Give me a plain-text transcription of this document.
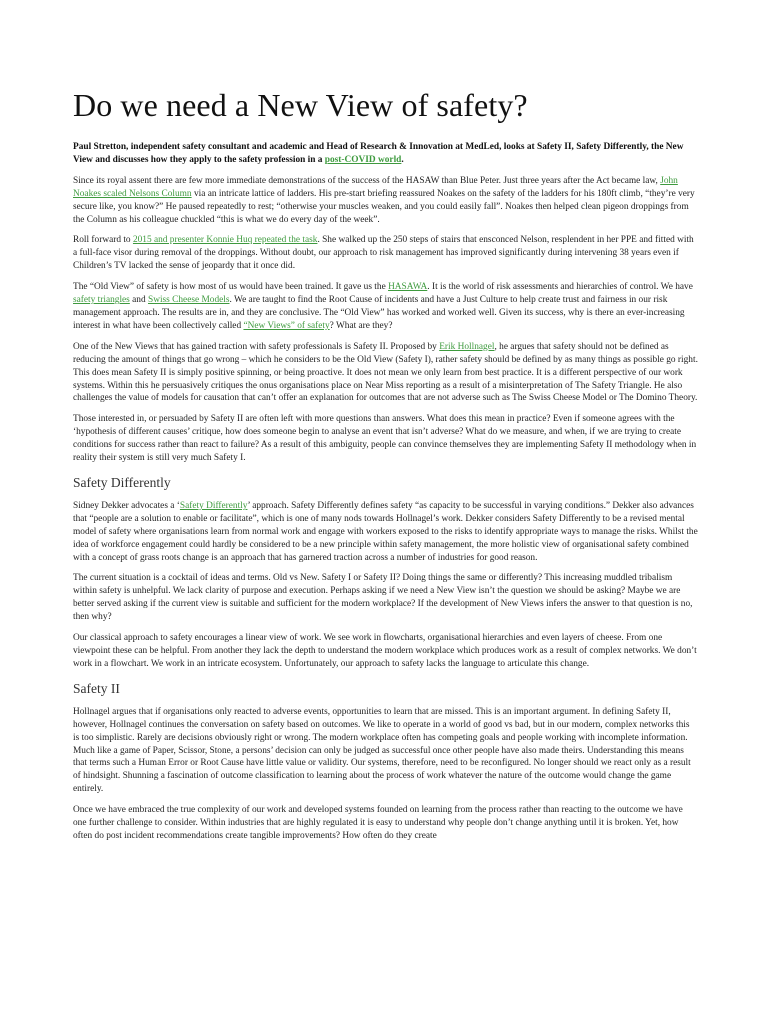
Do we need a New View of safety?

Paul Stretton, independent safety consultant and academic and Head of Research & Innovation at MedLed, looks at Safety II, Safety Differently, the New View and discusses how they apply to the safety profession in a post-COVID world.

Since its royal assent there are few more immediate demonstrations of the success of the HASAW than Blue Peter. Just three years after the Act became law, John Noakes scaled Nelsons Column via an intricate lattice of ladders. His pre-start briefing reassured Noakes on the safety of the ladders for his 180ft climb, “they’re very secure like, you know?” He paused repeatedly to rest; “otherwise your muscles weaken, and you could easily fall”. Noakes then helped clean pigeon droppings from the Column as his colleague chuckled “this is what we do every day of the week”.

Roll forward to 2015 and presenter Konnie Huq repeated the task. She walked up the 250 steps of stairs that ensconced Nelson, resplendent in her PPE and fitted with a full-face visor during removal of the droppings. Without doubt, our approach to risk management has improved significantly during intervening 38 years even if Children’s TV lacked the sense of jeopardy that it once did.

The “Old View” of safety is how most of us would have been trained. It gave us the HASAWA. It is the world of risk assessments and hierarchies of control. We have safety triangles and Swiss Cheese Models. We are taught to find the Root Cause of incidents and have a Just Culture to help create trust and fairness in our risk management approach. The results are in, and they are conclusive. The “Old View” has worked and worked well. Given its success, why is there an ever-increasing interest in what have been collectively called “New Views” of safety? What are they?

One of the New Views that has gained traction with safety professionals is Safety II. Proposed by Erik Hollnagel, he argues that safety should not be defined as reducing the amount of things that go wrong – which he considers to be the Old View (Safety I), rather safety should be defined by as many things as possible go right. This does mean Safety II is simply positive spinning, or being proactive. It does not mean we only learn from best practice. It is a different perspective of our work systems. Within this he persuasively critiques the onus organisations place on Near Miss reporting as a result of a misinterpretation of The Safety Triangle. He also challenges the value of models for causation that can’t offer an explanation for outcomes that are not adverse such as The Swiss Cheese Model or The Domino Theory.

Those interested in, or persuaded by Safety II are often left with more questions than answers. What does this mean in practice? Even if someone agrees with the ‘hypothesis of different causes’ critique, how does someone begin to analyse an event that isn’t adverse? What do we measure, and when, if we are trying to create conditions for success rather than react to failure? As a result of this ambiguity, people can convince themselves they are implementing Safety II methodology when in reality their system is still very much Safety I.

Safety Differently

Sidney Dekker advocates a ‘Safety Differently’ approach. Safety Differently defines safety “as capacity to be successful in varying conditions.” Dekker also advances that “people are a solution to enable or facilitate”, which is one of many nods towards Hollnagel’s work. Dekker considers Safety Differently to be a revised mental model of safety where organisations learn from normal work and engage with workers exposed to the risks to identify appropriate ways to manage the risks. Whilst the idea of workforce engagement could hardly be considered to be a new principle within safety management, the more holistic view of organisational safety combined with a concept of grass roots change is an approach that has garnered traction across a number of industries for good reason.

The current situation is a cocktail of ideas and terms. Old vs New. Safety I or Safety II? Doing things the same or differently? This increasing muddled tribalism within safety is unhelpful. We lack clarity of purpose and execution. Perhaps asking if we need a New View isn’t the question we should be asking? Maybe we are better served asking if the current view is suitable and sufficient for the modern workplace? If the development of New Views infers the answer to that question is no, then why?

Our classical approach to safety encourages a linear view of work. We see work in flowcharts, organisational hierarchies and even layers of cheese. From one viewpoint these can be helpful. From another they lack the depth to understand the modern workplace which produces work as a result of complex networks. We don’t work in a flowchart. We work in an intricate ecosystem. Unfortunately, our approach to safety lacks the language to articulate this change.

Safety II

Hollnagel argues that if organisations only reacted to adverse events, opportunities to learn that are missed. This is an important argument. In defining Safety II, however, Hollnagel continues the conversation on safety based on outcomes. We like to operate in a world of good vs bad, but in our modern, complex networks this is too simplistic. Rarely are decisions obviously right or wrong. The modern workplace often has competing goals and people working with incomplete information. Much like a game of Paper, Scissor, Stone, a persons’ decision can only be judged as successful once other people have also made theirs. Understanding this means that terms such a Human Error or Root Cause have little value or validity. Our systems, therefore, need to be reconfigured. No longer should we react only as a result of hindsight. Shunning a fascination of outcome classification to learning about the process of work whatever the nature of the outcome would change the game entirely.

Once we have embraced the true complexity of our work and developed systems founded on learning from the process rather than reacting to the outcome we have one further challenge to consider. Within industries that are highly regulated it is easy to understand why people don’t change anything until it is broken. Yet, how often do post incident recommendations create tangible improvements? How often do they create
